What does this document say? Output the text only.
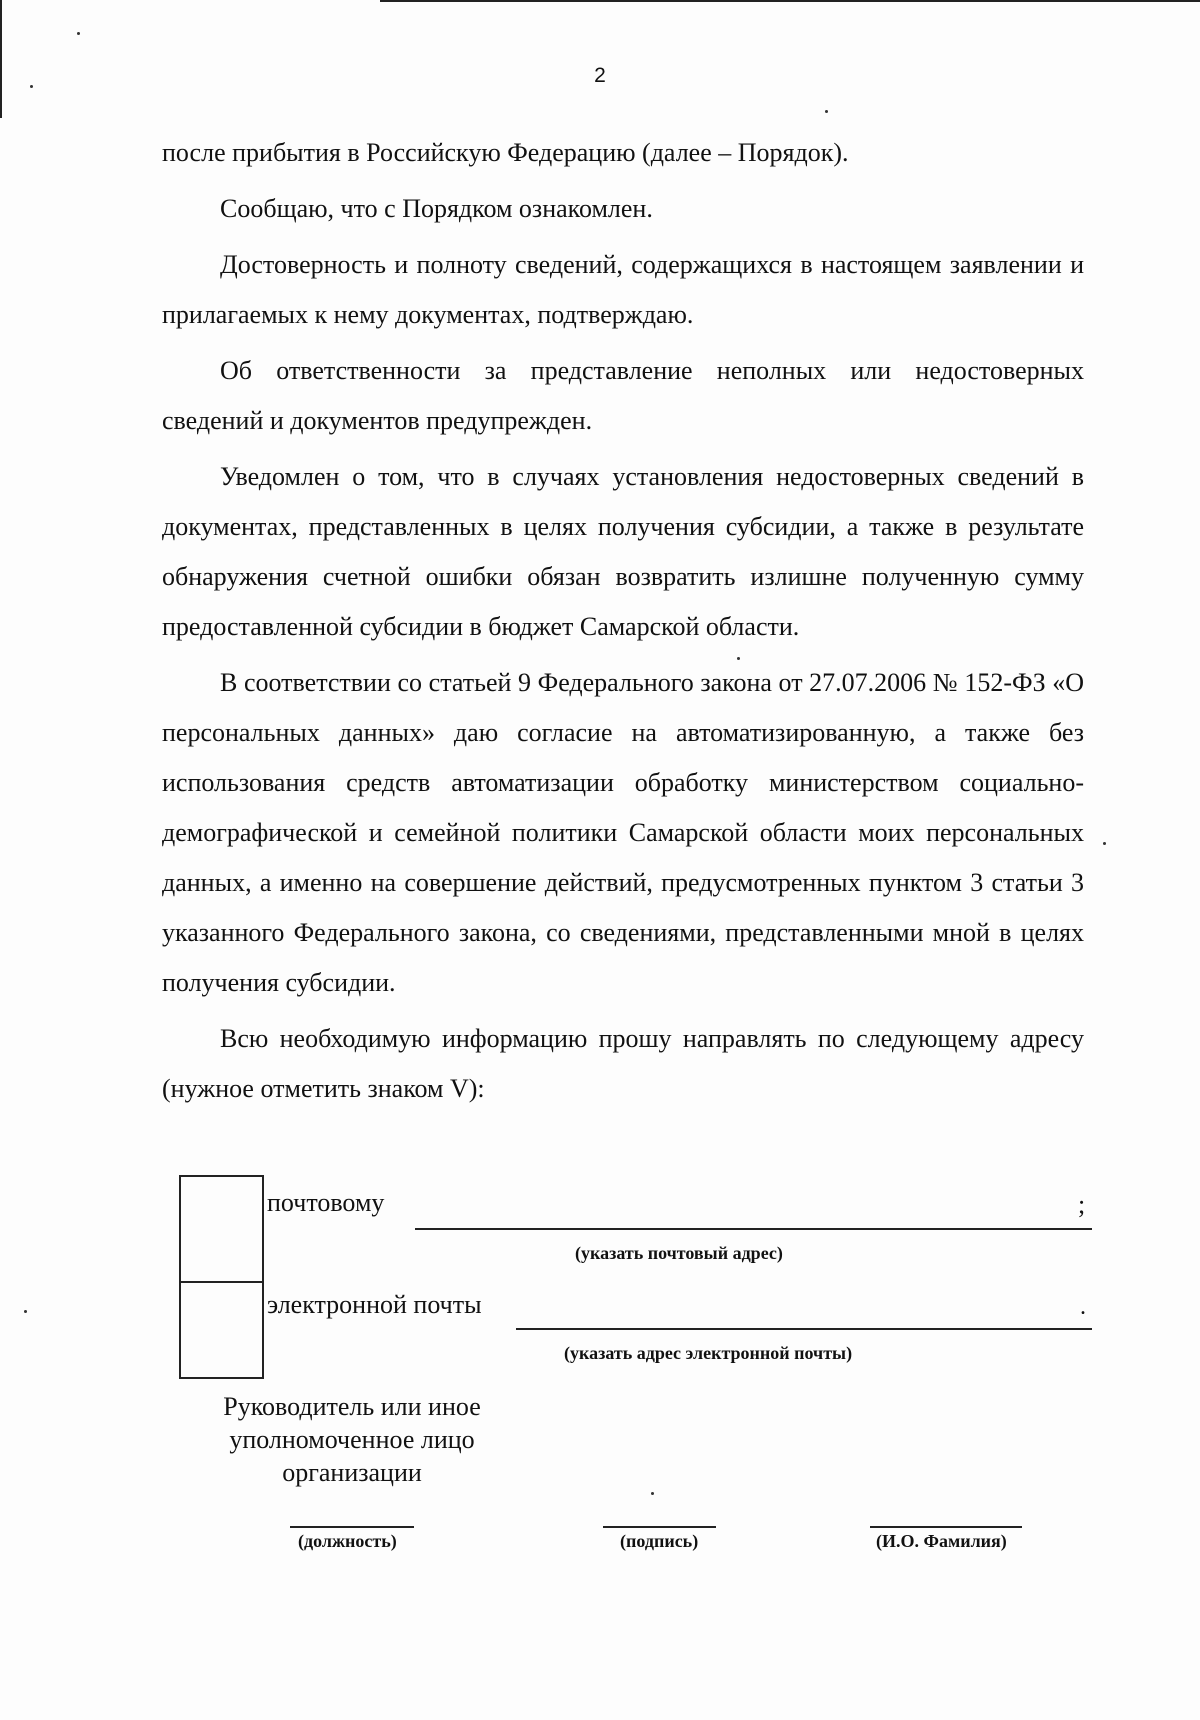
2

после прибытия в Российскую Федерацию (далее – Порядок).

Сообщаю, что с Порядком ознакомлен.

Достоверность и полноту сведений, содержащихся в настоящем заявлении и прилагаемых к нему документах, подтверждаю.

Об ответственности за представление неполных или недостоверных сведений и документов предупрежден.

Уведомлен о том, что в случаях установления недостоверных сведений в документах, представленных в целях получения субсидии, а также в результате обнаружения счетной ошибки обязан возвратить излишне полученную сумму предоставленной субсидии в бюджет Самарской области.

В соответствии со статьей 9 Федерального закона от 27.07.2006 № 152-ФЗ «О персональных данных» даю согласие на автоматизированную, а также без использования средств автоматизации обработку министерством социально-демографической и семейной политики Самарской области моих персональных данных, а именно на совершение действий, предусмотренных пунктом 3 статьи 3 указанного Федерального закона, со сведениями, представленными мной в целях получения субсидии.

Всю необходимую информацию прошу направлять по следующему адресу (нужное отметить знаком V):

почтовому	;
(указать почтовый адрес)
электронной почты	.
(указать адрес электронной почты)
Руководитель или иное
уполномоченное лицо
организации
(должность)	(подпись)	(И.О. Фамилия)
